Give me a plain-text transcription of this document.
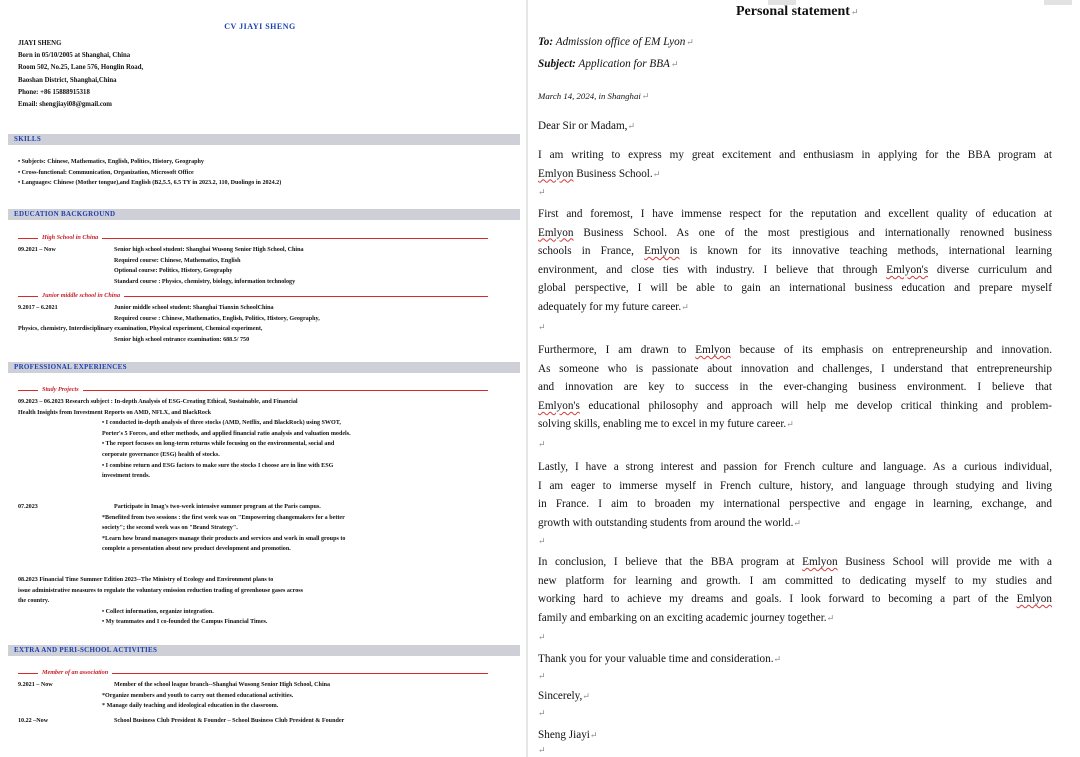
CV JIAYI SHENG
JIAYI SHENG
Born in 05/10/2005 at Shanghai, China
Room 502, No.25, Lane 576, Honglin Road,
Baoshan District, Shanghai,China
Phone: +86 15888915318
Email: shengjiayi08@gmail.com
SKILLS
• Subjects: Chinese, Mathematics, English, Politics, History, Geography
• Cross-functional: Communication, Organization, Microsoft Office
• Languages: Chinese (Mother tongue),and English (B2,5.5, 6.5 TY in 2023.2, 110, Duolingo in 2024.2)
EDUCATION BACKGROUND
High School in China
09.2021 – Now	Senior high school student: Shanghai Wusong Senior High School, China
Required course: Chinese, Mathematics, English
Optional course: Politics, History, Geography
Standard course : Physics, chemistry, biology, information technology
Junior middle school in China
9.2017 – 6.2021	Junior middle school student: Shanghai Tianxin SchoolChina
Required course : Chinese, Mathematics, English, Politics, History, Geography,
Physics, chemistry, Interdisciplinary examination, Physical experiment, Chemical experiment,
Senior high school entrance examination: 688.5/ 750
PROFESSIONAL EXPERIENCES
Study Projects
09.2023 – 06.2023 Research subject : In-depth Analysis of ESG-Creating Ethical, Sustainable, and Financial
Health Insights from Investment Reports on AMD, NFLX, and BlackRock
• I conducted in-depth analysis of three stocks (AMD, Netflix, and BlackRock) using SWOT,
Porter's 5 Forces, and other methods, and applied financial ratio analysis and valuation models.
• The report focuses on long-term returns while focusing on the environmental, social and
corporate governance (ESG) health of stocks.
• I combine return and ESG factors to make sure the stocks I choose are in line with ESG
investment trends.
07.2023	Participate in Imag's two-week intensive summer program at the Paris campus.
*Benefited from two sessions : the first week was on "Empowering changemakers for a better
society"; the second week was on "Brand Strategy".
*Learn how brand managers manage their products and services and work in small groups to
complete a presentation about new product development and promotion.
08.2023 Financial Time Summer Edition 2023--The Ministry of Ecology and Environment plans to
issue administrative measures to regulate the voluntary emission reduction trading of greenhouse gases across
the country.
• Collect information, organize integration.
• My teammates and I co-founded the Campus Financial Times.
EXTRA AND PERI-SCHOOL ACTIVITIES
Member of an association
9.2021 – Now	Member of the school league branch--Shanghai Wusong Senior High School, China
*Organize members and youth to carry out themed educational activities.
* Manage daily teaching and ideological education in the classroom.
10.22 –Now	School Business Club President & Founder – School Business Club President & Founder
Personal statement↵
To: Admission office of EM Lyon↵
Subject: Application for BBA↵
March 14, 2024, in Shanghai↵
Dear Sir or Madam,↵
I am writing to express my great excitement and enthusiasm in applying for the BBA program at
Emlyon Business School.↵
↵
First and foremost, I have immense respect for the reputation and excellent quality of education at
Emlyon Business School. As one of the most prestigious and internationally renowned business
schools in France, Emlyon is known for its innovative teaching methods, international learning
environment, and close ties with industry. I believe that through Emlyon's diverse curriculum and
global perspective, I will be able to gain an international business education and prepare myself
adequately for my future career.↵
↵
Furthermore, I am drawn to Emlyon because of its emphasis on entrepreneurship and innovation.
As someone who is passionate about innovation and challenges, I understand that entrepreneurship
and innovation are key to success in the ever-changing business environment. I believe that
Emlyon's educational philosophy and approach will help me develop critical thinking and problem-
solving skills, enabling me to excel in my future career.↵
↵
Lastly, I have a strong interest and passion for French culture and language. As a curious individual,
I am eager to immerse myself in French culture, history, and language through studying and living
in France. I aim to broaden my international perspective and engage in learning, exchange, and
growth with outstanding students from around the world.↵
↵
In conclusion, I believe that the BBA program at Emlyon Business School will provide me with a
new platform for learning and growth. I am committed to dedicating myself to my studies and
working hard to achieve my dreams and goals. I look forward to becoming a part of the Emlyon
family and embarking on an exciting academic journey together.↵
↵
Thank you for your valuable time and consideration.↵
↵
Sincerely,↵
↵
Sheng Jiayi↵
↵
